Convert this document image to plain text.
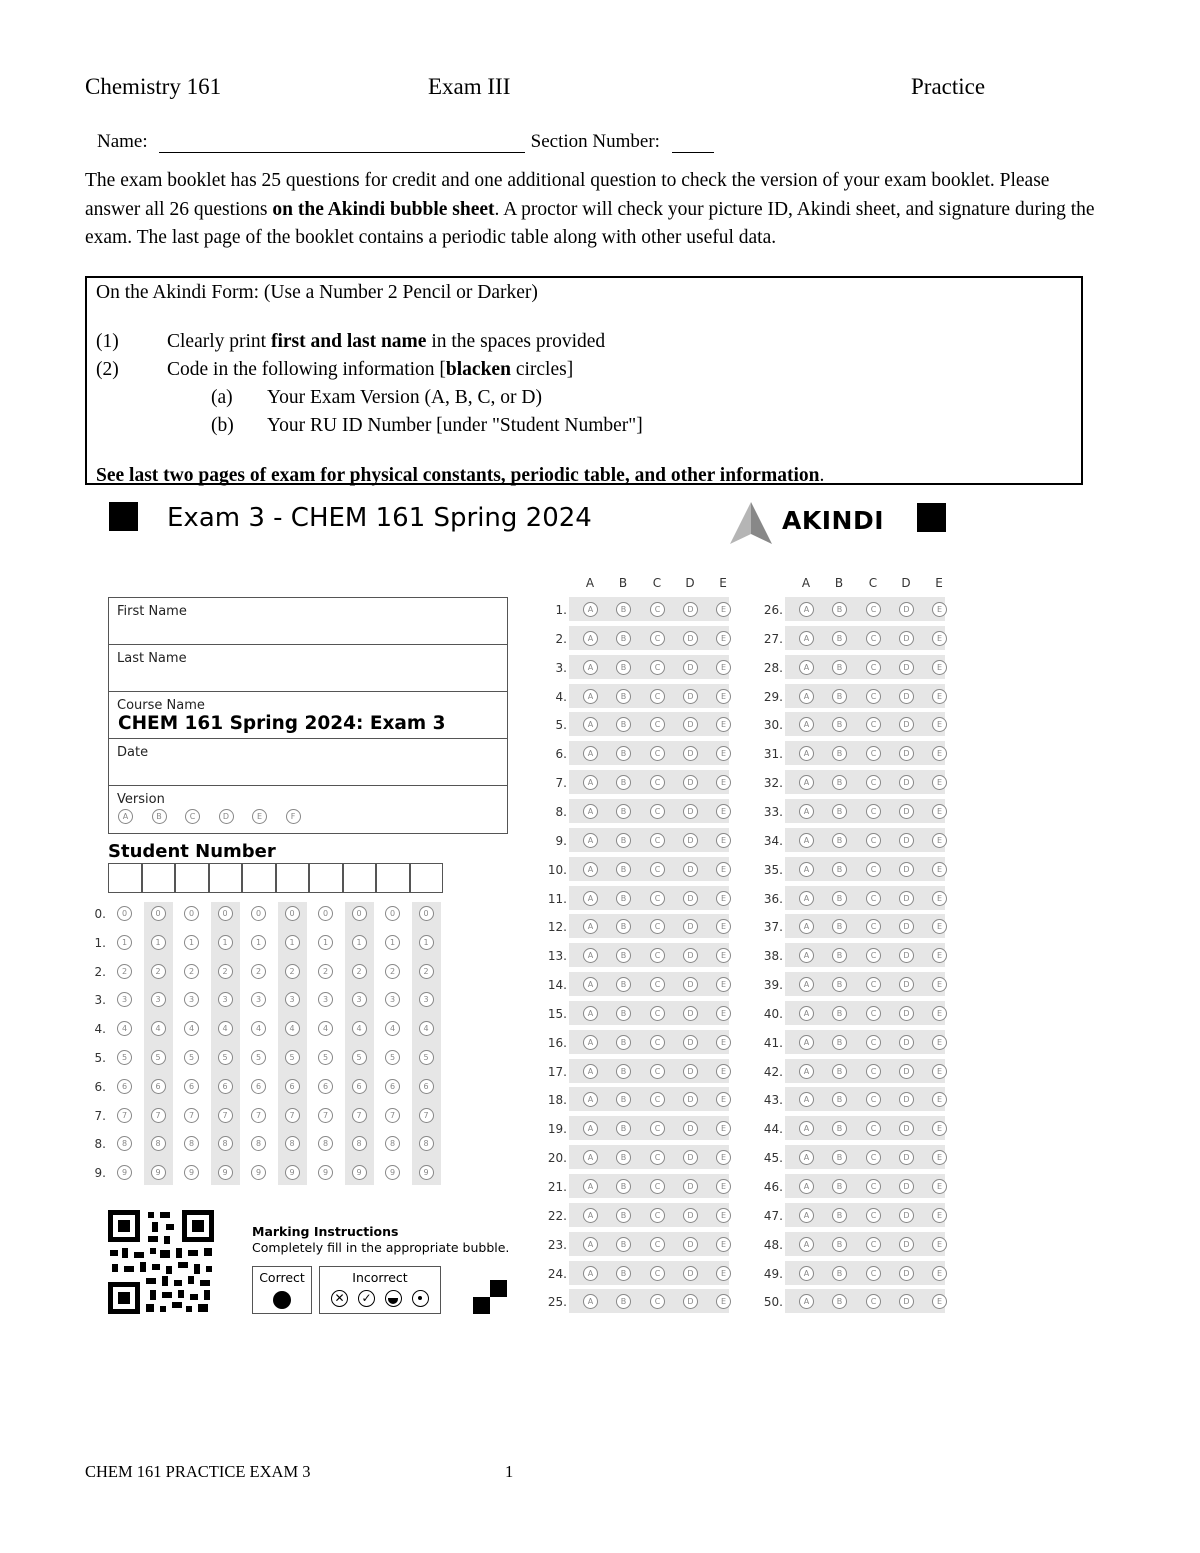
Chemistry 161	Exam III	Practice
Name:	Section Number:
The exam booklet has 25 questions for credit and one additional question to check the version of your exam booklet. Please answer all 26 questions on the Akindi bubble sheet. A proctor will check your picture ID, Akindi sheet, and signature during the exam. The last page of the booklet contains a periodic table along with other useful data.
On the Akindi Form: (Use a Number 2 Pencil or Darker)
(1) Clearly print first and last name in the spaces provided
(2) Code in the following information [blacken circles]
(a) Your Exam Version (A, B, C, or D)
(b) Your RU ID Number [under "Student Number"]
See last two pages of exam for physical constants, periodic table, and other information.
Exam 3 - CHEM 161 Spring 2024	AKINDI
First Name
Last Name
Course Name
CHEM 161 Spring 2024: Exam 3
Date
Version
A	B	C	D	E	F
Student Number
Marking Instructions
Completely fill in the appropriate bubble.
Correct	Incorrect
✕ ✓
CHEM 161 PRACTICE EXAM 3	1
0.	0	0	0	0	0	0	0	0	0	0
1.	1	1	1	1	1	1	1	1	1	1
2.	2	2	2	2	2	2	2	2	2	2
3.	3	3	3	3	3	3	3	3	3	3
4.	4	4	4	4	4	4	4	4	4	4
5.	5	5	5	5	5	5	5	5	5	5
6.	6	6	6	6	6	6	6	6	6	6
7.	7	7	7	7	7	7	7	7	7	7
8.	8	8	8	8	8	8	8	8	8	8
9.	9	9	9	9	9	9	9	9	9	9
A	B	C	D	E	A	B	C	D	E
1.	A	B	C	D	E
2.	A	B	C	D	E
3.	A	B	C	D	E
4.	A	B	C	D	E
5.	A	B	C	D	E
6.	A	B	C	D	E
7.	A	B	C	D	E
8.	A	B	C	D	E
9.	A	B	C	D	E
10.	A	B	C	D	E
11.	A	B	C	D	E
12.	A	B	C	D	E
13.	A	B	C	D	E
14.	A	B	C	D	E
15.	A	B	C	D	E
16.	A	B	C	D	E
17.	A	B	C	D	E
18.	A	B	C	D	E
19.	A	B	C	D	E
20.	A	B	C	D	E
21.	A	B	C	D	E
22.	A	B	C	D	E
23.	A	B	C	D	E
24.	A	B	C	D	E
25.	A	B	C	D	E
26.	A	B	C	D	E
27.	A	B	C	D	E
28.	A	B	C	D	E
29.	A	B	C	D	E
30.	A	B	C	D	E
31.	A	B	C	D	E
32.	A	B	C	D	E
33.	A	B	C	D	E
34.	A	B	C	D	E
35.	A	B	C	D	E
36.	A	B	C	D	E
37.	A	B	C	D	E
38.	A	B	C	D	E
39.	A	B	C	D	E
40.	A	B	C	D	E
41.	A	B	C	D	E
42.	A	B	C	D	E
43.	A	B	C	D	E
44.	A	B	C	D	E
45.	A	B	C	D	E
46.	A	B	C	D	E
47.	A	B	C	D	E
48.	A	B	C	D	E
49.	A	B	C	D	E
50.	A	B	C	D	E
